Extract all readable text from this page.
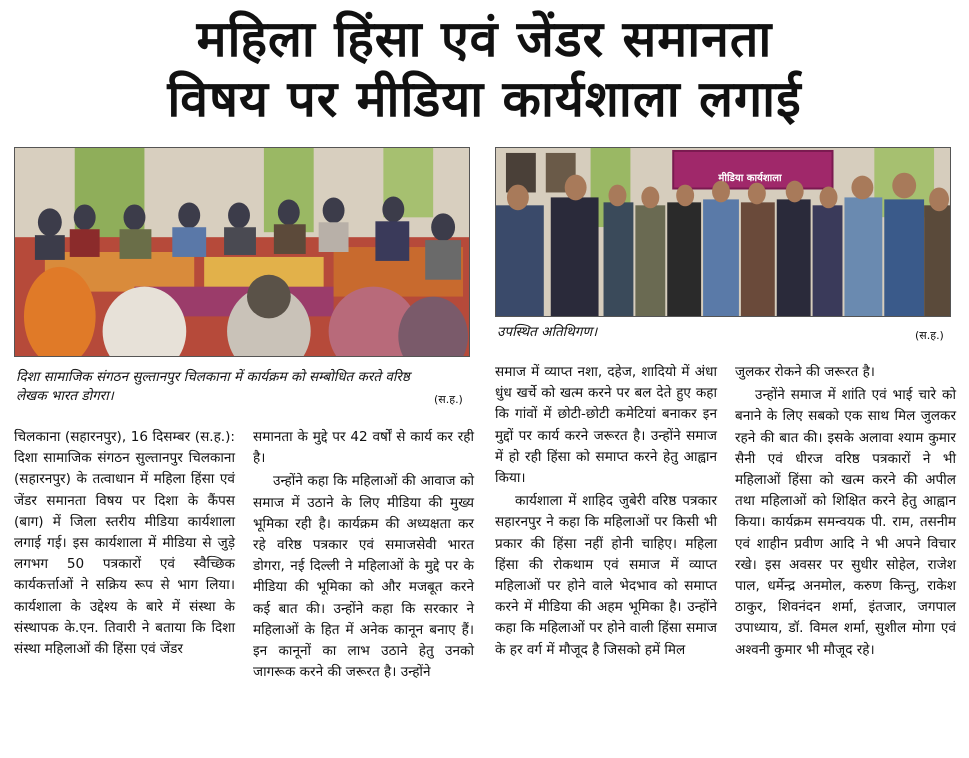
महिला हिंसा एवं जेंडर समानता
विषय पर मीडिया कार्यशाला लगाई
मीडिया कार्यशाला
दिशा सामाजिक संगठन सुल्तानपुर चिलकाना में कार्यक्रम को सम्बोधित करते वरिष्ठ लेखक भारत डोगरा।	(स.ह.)
उपस्थित अतिथिगण।	(स.ह.)

चिलकाना (सहारनपुर), 16 दिसम्बर (स.ह.): दिशा सामाजिक संगठन सुल्तानपुर चिलकाना (सहारनपुर) के तत्वाधान में महिला हिंसा एवं जेंडर समानता विषय पर दिशा के कैंपस (बाग) में जिला स्तरीय मीडिया कार्यशाला लगाई गई। इस कार्यशाला में मीडिया से जुड़े लगभग 50 पत्रकारों एवं स्वैच्छिक कार्यकर्त्ताओं ने सक्रिय रूप से भाग लिया। कार्यशाला के उद्देश्य के बारे में संस्था के संस्थापक के.एन. तिवारी ने बताया कि दिशा संस्था महिलाओं की हिंसा एवं जेंडर

समानता के मुद्दे पर 42 वर्षों से कार्य कर रही है।

उन्होंने कहा कि महिलाओं की आवाज को समाज में उठाने के लिए मीडिया की मुख्य भूमिका रही है। कार्यक्रम की अध्यक्षता कर रहे वरिष्ठ पत्रकार एवं समाजसेवी भारत डोगरा, नई दिल्ली ने महिलाओं के मुद्दे पर के मीडिया की भूमिका को और मजबूत करने कई बात की। उन्होंने कहा कि सरकार ने महिलाओं के हित में अनेक कानून बनाए हैं। इन कानूनों का लाभ उठाने हेतु उनको जागरूक करने की जरूरत है। उन्होंने

समाज में व्याप्त नशा, दहेज, शादियो में अंधा धुंध खर्चे को खत्म करने पर बल देते हुए कहा कि गांवों में छोटी-छोटी कमेटियां बनाकर इन मुद्दों पर कार्य करने जरूरत है। उन्होंने समाज में हो रही हिंसा को समाप्त करने हेतु आह्वान किया।

कार्यशाला में शाहिद जुबेरी वरिष्ठ पत्रकार सहारनपुर ने कहा कि महिलाओं पर किसी भी प्रकार की हिंसा नहीं होनी चाहिए। महिला हिंसा की रोकथाम एवं समाज में व्याप्त महिलाओं पर होने वाले भेदभाव को समाप्त करने में मीडिया की अहम भूमिका है। उन्होंने कहा कि महिलाओं पर होने वाली हिंसा समाज के हर वर्ग में मौजूद है जिसको हमें मिल

जुलकर रोकने की जरूरत है।

उन्होंने समाज में शांति एवं भाई चारे को बनाने के लिए सबको एक साथ मिल जुलकर रहने की बात की। इसके अलावा श्याम कुमार सैनी एवं धीरज वरिष्ठ पत्रकारों ने भी महिलाओं हिंसा को खत्म करने की अपील तथा महिलाओं को शिक्षित करने हेतु आह्वान किया। कार्यक्रम समन्वयक पी. राम, तसनीम एवं शाहीन प्रवीण आदि ने भी अपने विचार रखे। इस अवसर पर सुधीर सोहेल, राजेश पाल, धर्मेन्द्र अनमोल, करुण किन्तु, राकेश ठाकुर, शिवनंदन शर्मा, इंतजार, जगपाल उपाध्याय, डॉ. विमल शर्मा, सुशील मोगा एवं अश्वनी कुमार भी मौजूद रहे।
